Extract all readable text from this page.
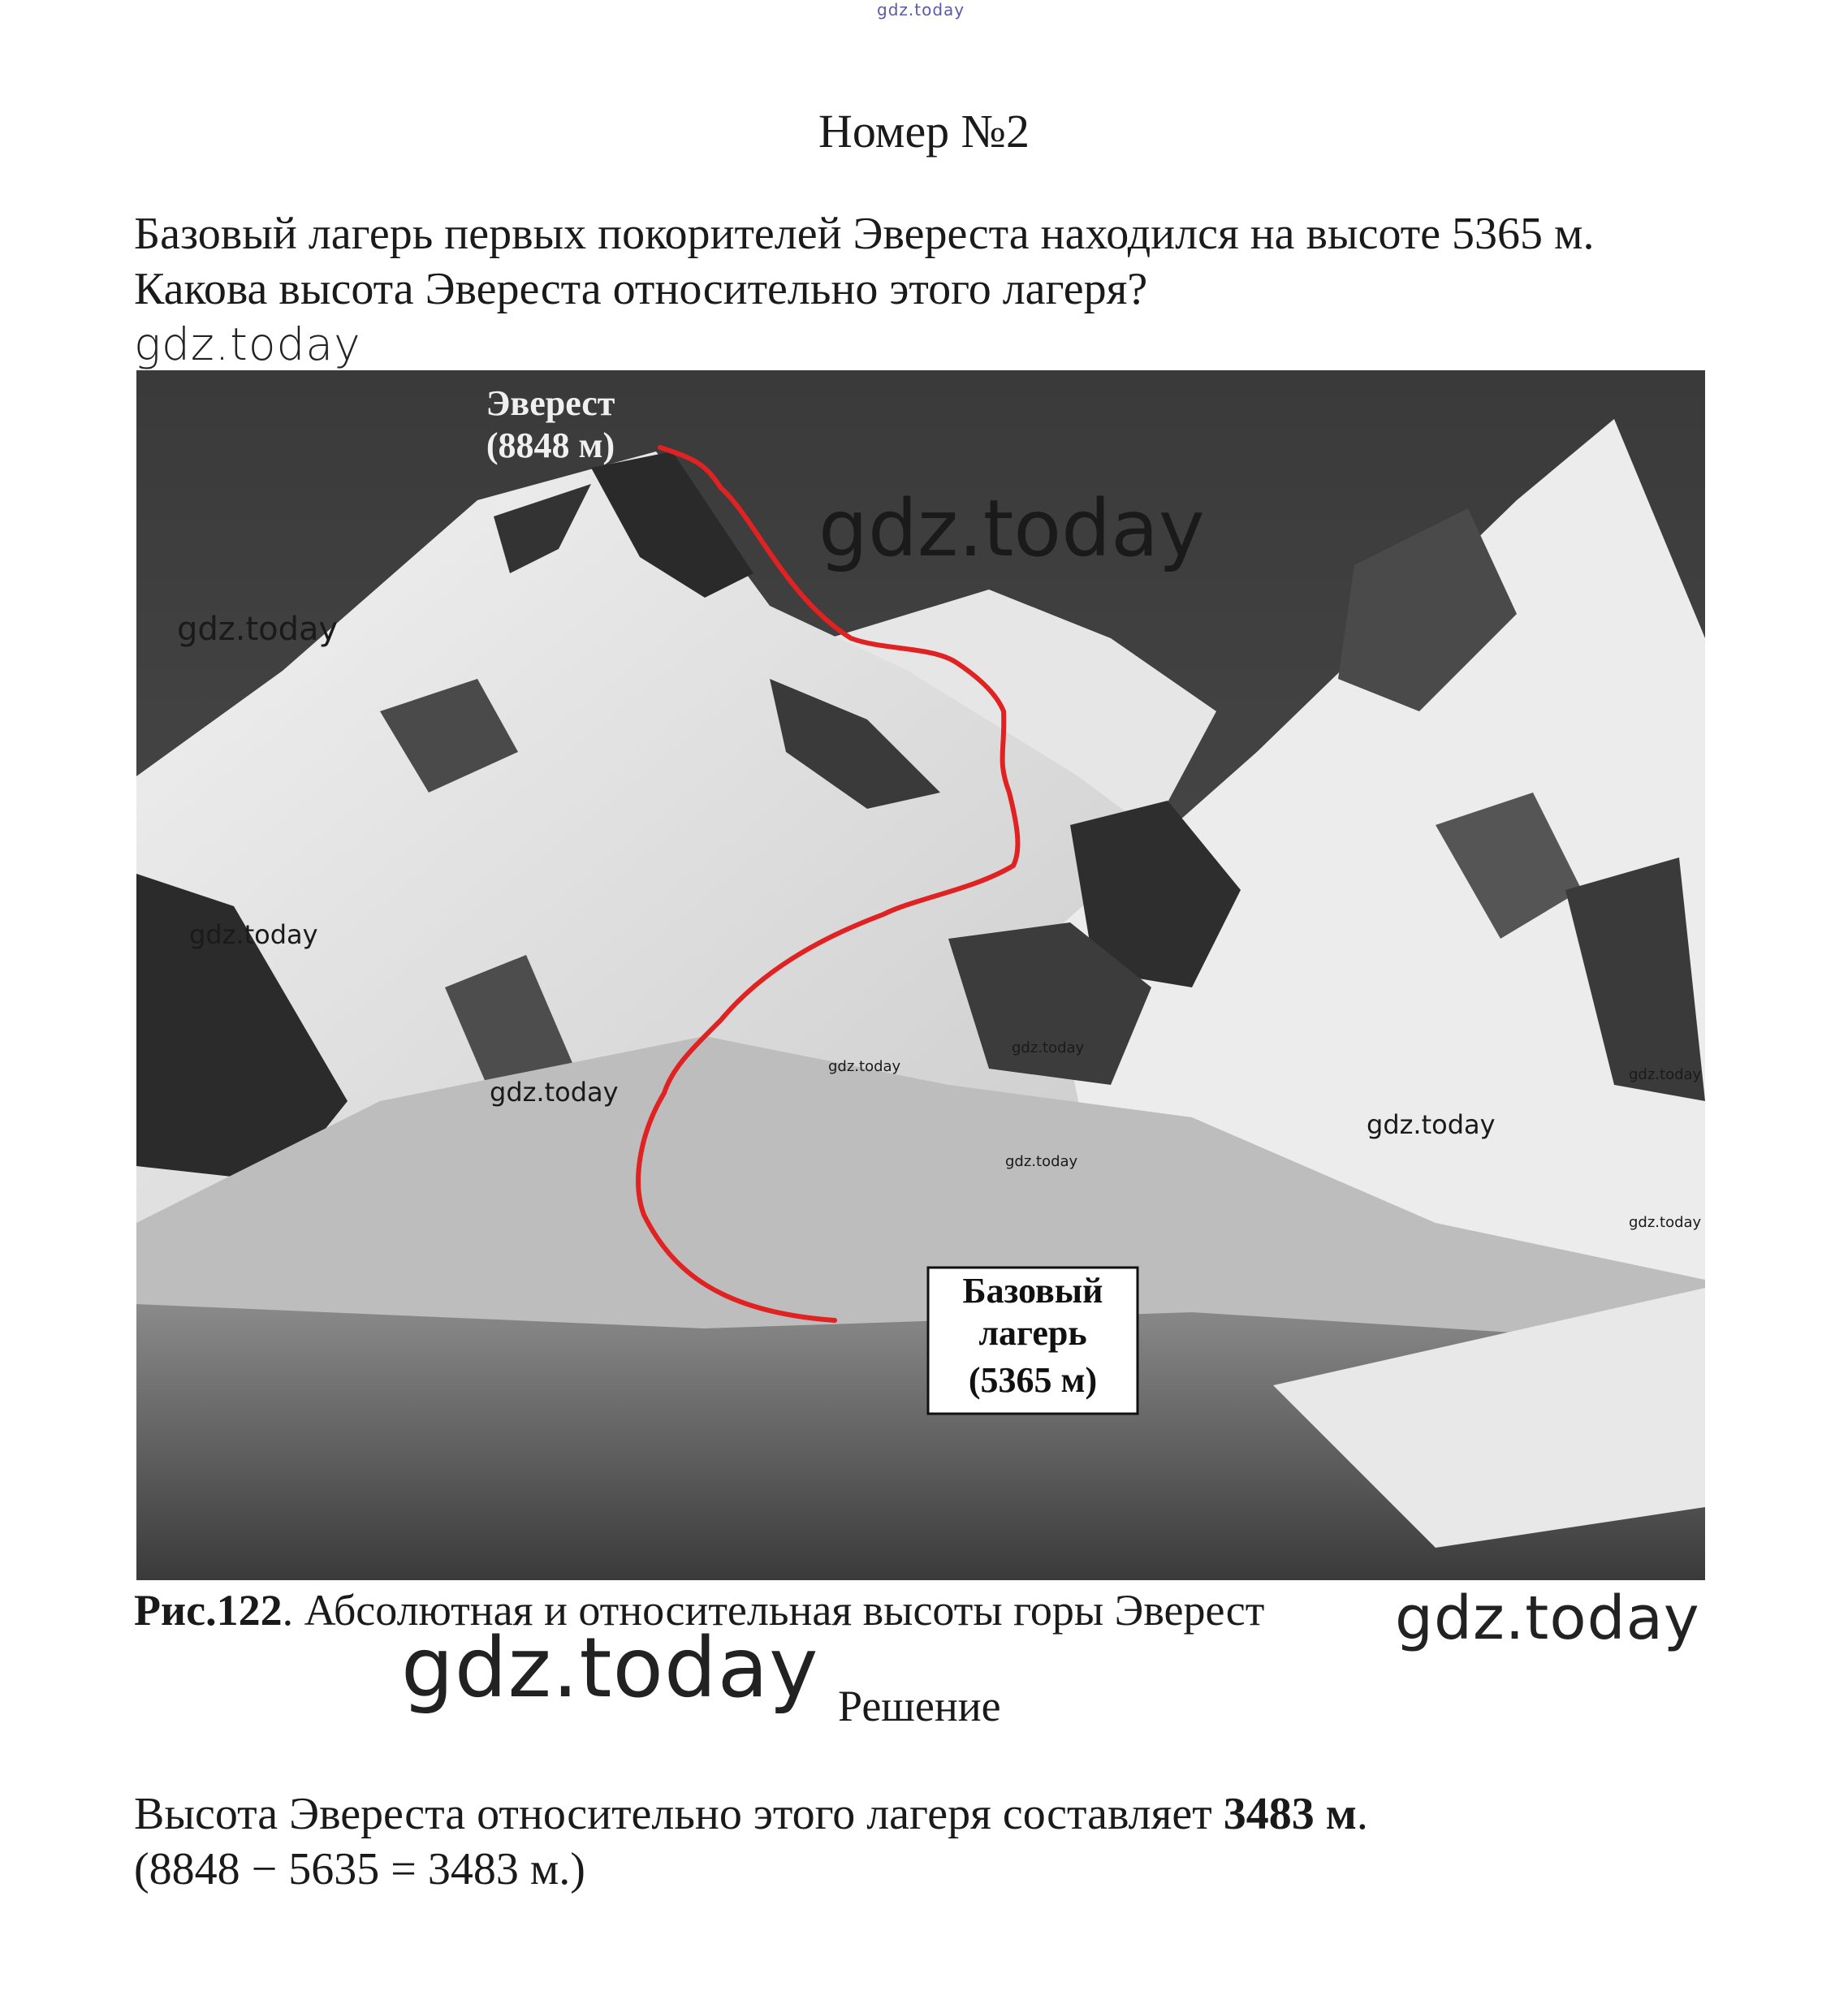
gdz.today
Номер №2
Базовый лагерь первых покорителей Эвереста находился на высоте 5365 м.
Какова высота Эвереста относительно этого лагеря?
gdz.today
Эверест
(8848 м)
Базовый
лагерь
(5365 м)
gdz.today
gdz.today
gdz.today
gdz.today
gdz.today
gdz.today
gdz.today
gdz.today
gdz.today
gdz.today
Рис.122. Абсолютная и относительная высоты горы Эверест gdz.today
gdz.today Решение
Высота Эвереста относительно этого лагеря составляет 3483 м.
(8848 − 5635 = 3483 м.)
